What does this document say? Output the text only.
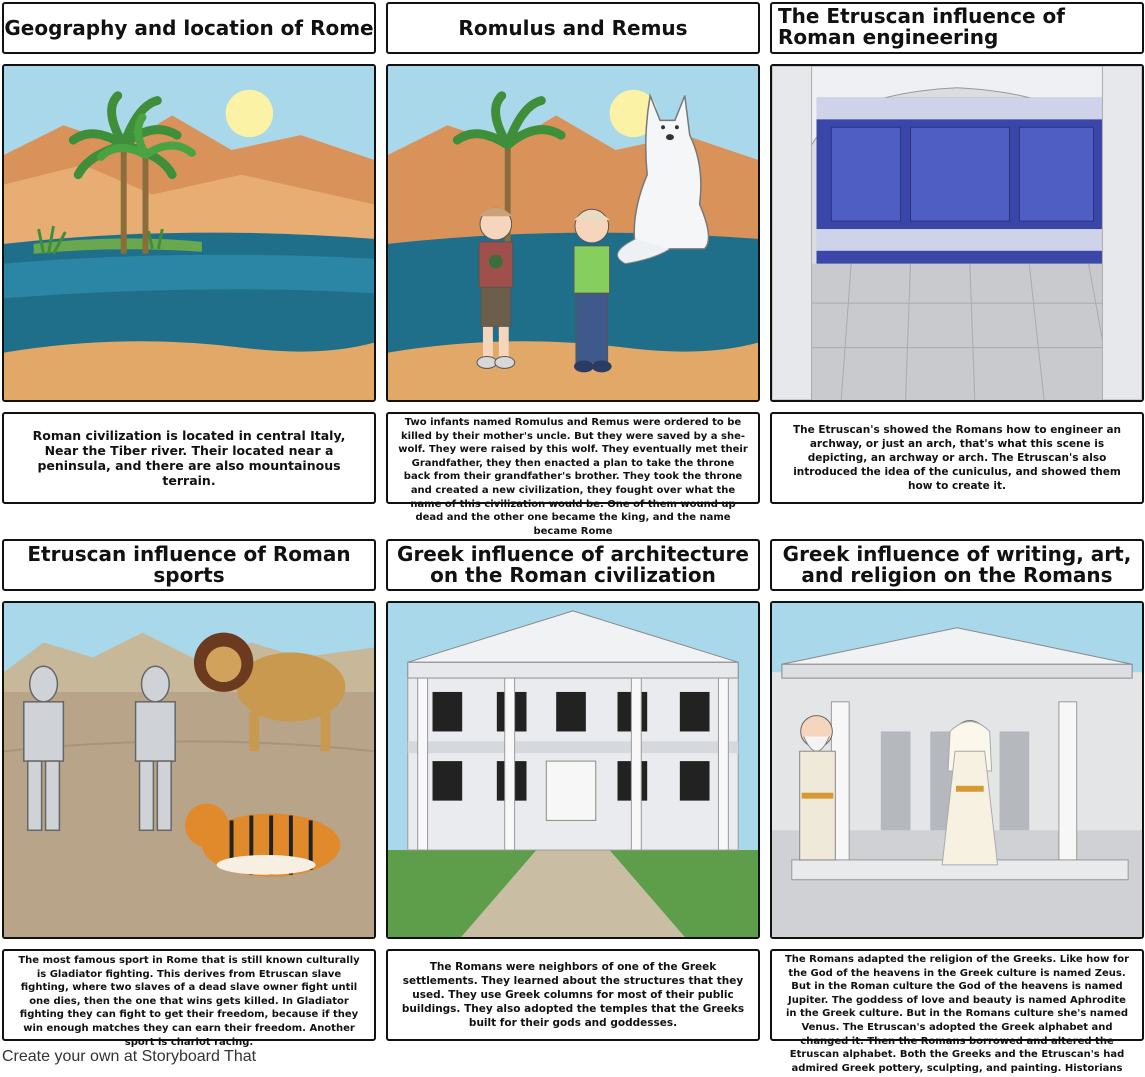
Geography and location of Rome	Romulus and Remus	The Etruscan influence of Roman engineering
Roman civilization is located in central Italy, Near the Tiber river. Their located near a peninsula, and there are also mountainous terrain.
Two infants named Romulus and Remus were ordered to be killed by their mother's uncle. But they were saved by a she-wolf. They were raised by this wolf. They eventually met their Grandfather, they then enacted a plan to take the throne back from their grandfather's brother. They took the throne and created a new civilization, they fought over what the name of this civilization would be. One of them wound up dead and the other one became the king, and the name became Rome
The Etruscan's showed the Romans how to engineer an archway, or just an arch, that's what this scene is depicting, an archway or arch. The Etruscan's also introduced the idea of the cuniculus, and showed them how to create it.
Etruscan influence of Roman sports
Greek influence of architecture on the Roman civilization
Greek influence of writing, art, and religion on the Romans
The most famous sport in Rome that is still known culturally is Gladiator fighting. This derives from Etruscan slave fighting, where two slaves of a dead slave owner fight until one dies, then the one that wins gets killed. In Gladiator fighting they can fight to get their freedom, because if they win enough matches they can earn their freedom. Another sport is chariot racing.
The Romans were neighbors of one of the Greek settlements. They learned about the structures that they used. They use Greek columns for most of their public buildings. They also adopted the temples that the Greeks built for their gods and goddesses.
The Romans adapted the religion of the Greeks. Like how for the God of the heavens in the Greek culture is named Zeus. But in the Roman culture the God of the heavens is named Jupiter. The goddess of love and beauty is named Aphrodite in the Greek culture. But in the Romans culture she's named Venus. The Etruscan's adopted the Greek alphabet and changed it. Then the Romans borrowed and altered the Etruscan alphabet. Both the Greeks and the Etruscan's had admired Greek pottery, sculpting, and painting. Historians
Create your own at Storyboard That
